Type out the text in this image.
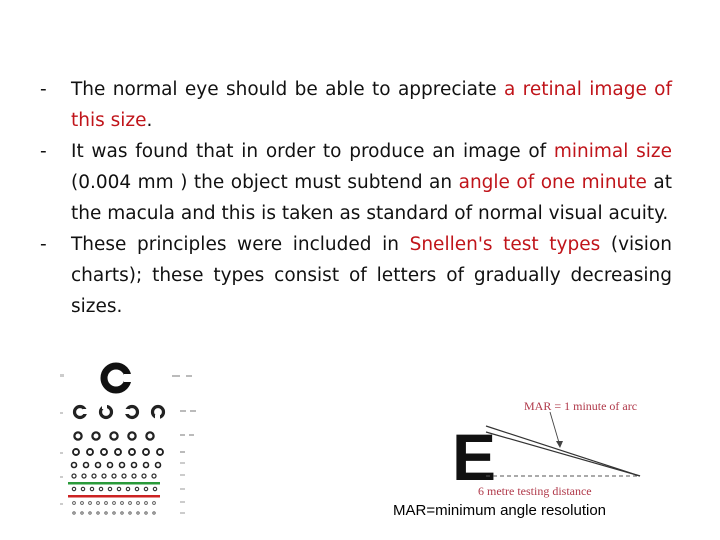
- The normal eye should be able to appreciate a retinal image of this size.
- It was found that in order to produce an image of minimal size (0.004 mm ) the object must subtend an angle of one minute at the macula and this is taken as standard of normal visual acuity.
- These principles were included in Snellen's test types (vision charts); these types consist of letters of gradually decreasing sizes.
E
MAR = 1 minute of arc
6 metre testing distance
MAR=minimum angle resolution
